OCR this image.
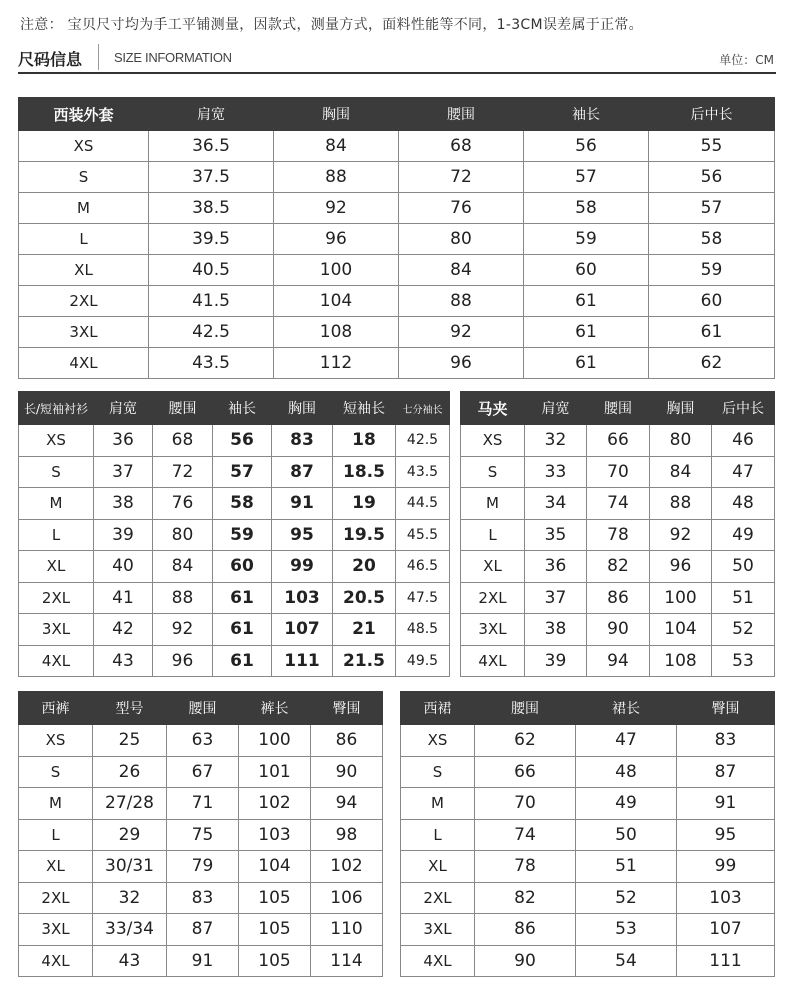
注意： 宝贝尺寸均为手工平铺测量，因款式，测量方式，面料性能等不同，1-3CM误差属于正常。
尺码信息 SIZE INFORMATION	单位：CM
西装外套	肩宽	胸围	腰围	袖长	后中长
XS	36.5	84	68	56	55
S	37.5	88	72	57	56
M	38.5	92	76	58	57
L	39.5	96	80	59	58
XL	40.5	100	84	60	59
2XL	41.5	104	88	61	60
3XL	42.5	108	92	61	61
4XL	43.5	112	96	61	62
长/短袖衬衫	肩宽	腰围	袖长	胸围	短袖长	七分袖长
XS	36	68	56	83	18	42.5
S	37	72	57	87	18.5	43.5
M	38	76	58	91	19	44.5
L	39	80	59	95	19.5	45.5
XL	40	84	60	99	20	46.5
2XL	41	88	61	103	20.5	47.5
3XL	42	92	61	107	21	48.5
4XL	43	96	61	111	21.5	49.5
马夹	肩宽	腰围	胸围	后中长
XS	32	66	80	46
S	33	70	84	47
M	34	74	88	48
L	35	78	92	49
XL	36	82	96	50
2XL	37	86	100	51
3XL	38	90	104	52
4XL	39	94	108	53
西裤	型号	腰围	裤长	臀围
XS	25	63	100	86
S	26	67	101	90
M	27/28	71	102	94
L	29	75	103	98
XL	30/31	79	104	102
2XL	32	83	105	106
3XL	33/34	87	105	110
4XL	43	91	105	114
西裙	腰围	裙长	臀围
XS	62	47	83
S	66	48	87
M	70	49	91
L	74	50	95
XL	78	51	99
2XL	82	52	103
3XL	86	53	107
4XL	90	54	111
